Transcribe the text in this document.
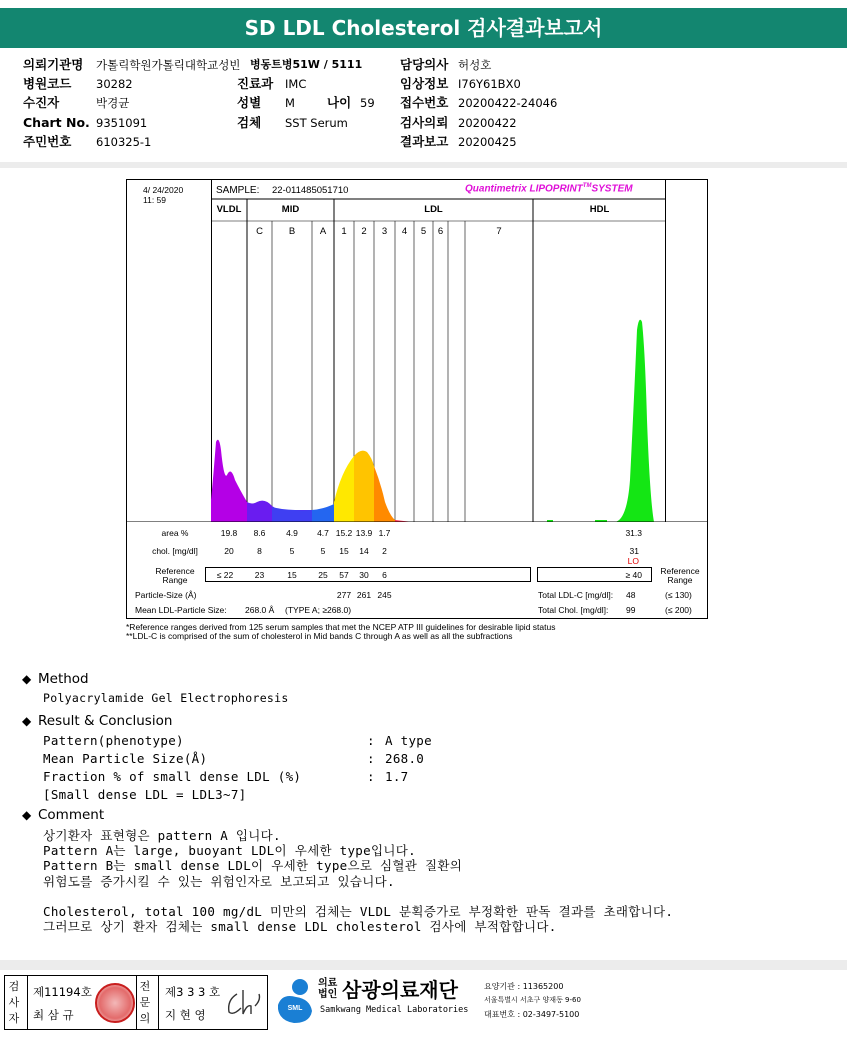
SD LDL Cholesterol 검사결과보고서
의뢰기관명 가톨릭학원가톨릭대학교성빈 병동트병51W / 5111
병원코드 30282
수진자	박경균
Chart No. 9351091
주민번호 610325-1
진료과 IMC
성별 M	나이 59
검체 SST Serum
담당의사 허성호
임상정보 I76Y61BX0
접수번호 20200422-24046
검사의뢰 20200422
결과보고 20200425
4/ 24/2020
11: 59
SAMPLE: 22-011485051710	Quantimetrix LIPOPRINT™SYSTEM
VLDL	MID	LDL	HDL
C	B	A	1	2	3	4	5	6	7
area %	19.8	8.6	4.9	4.7 15.2 13.9 1.7	31.3
chol. [mg/dl]	20	8	5	5	15	14	2	31
LO
Reference
Range	≤ 22	23	15	25	57	30	6	≥ 40	Reference
Range
Particle-Size (Å)	277 261 245	Total LDL-C [mg/dl]: 48	(≤ 130)
Mean LDL-Particle Size: 268.0 Å (TYPE A; ≥268.0)	Total Chol. [mg/dl]: 99	(≤ 200)
*Reference ranges derived from 125 serum samples that met the NCEP ATP III guidelines for desirable lipid status
**LDL-C is comprised of the sum of cholesterol in Mid bands C through A as well as all the subfractions
◆ Method
Polyacrylamide Gel Electrophoresis
◆ Result & Conclusion
Pattern(phenotype)	: A type
Mean Particle Size(Å)	: 268.0
Fraction % of small dense LDL (%)	: 1.7
[Small dense LDL = LDL3~7]
◆ Comment
상기환자 표현형은 pattern A 입니다.
Pattern A는 large, buoyant LDL이 우세한 type입니다.
Pattern B는 small dense LDL이 우세한 type으로 심혈관 질환의
위험도를 증가시킬 수 있는 위험인자로 보고되고 있습니다.
Cholesterol, total 100 mg/dL 미만의 검체는 VLDL 분획증가로 부정확한 판독 결과를 초래합니다.
그러므로 상기 환자 검체는 small dense LDL cholesterol 검사에 부적합합니다.
검사자
제11194호
최 삼 규
전문의
제3 3 3 호
지 현 영	SML
의료법인 삼광의료재단
Samkwang Medical Laboratories
요양기관 : 11365200
서울특별시 서초구 양재동 9-60
대표번호 : 02-3497-5100
